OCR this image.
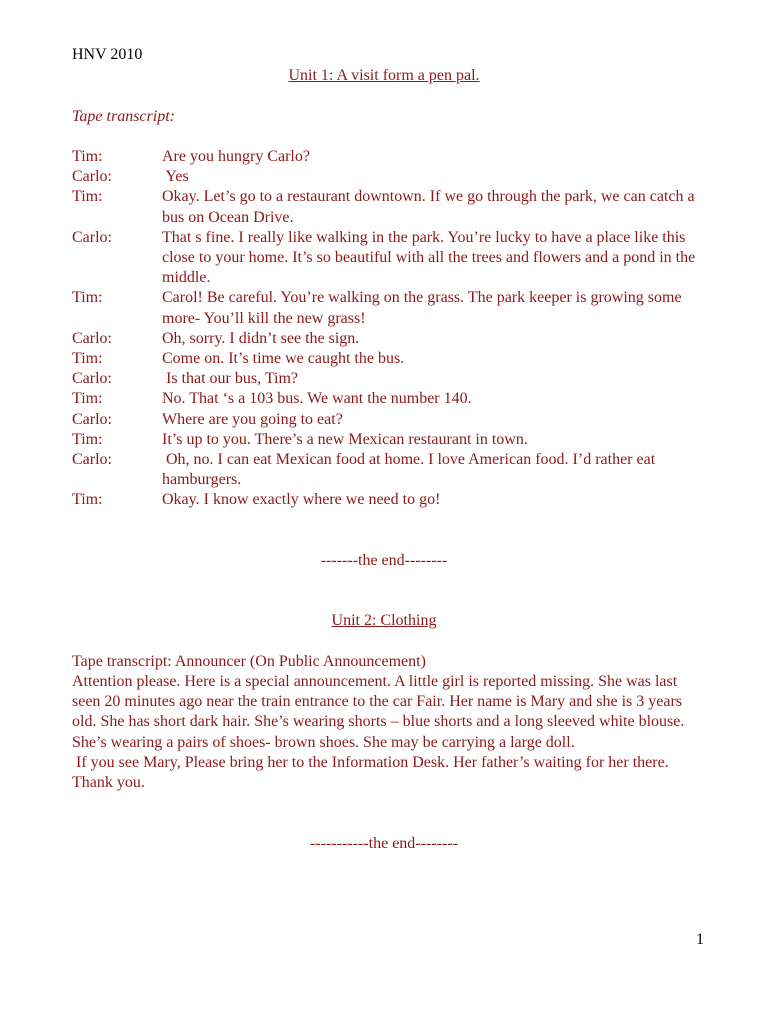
HNV 2010
Unit 1: A visit form a pen pal.
Tape transcript:
Tim:	Are you hungry Carlo?
Carlo:	Yes
Tim:	Okay. Let’s go to a restaurant downtown. If we go through the park, we can catch a bus on Ocean Drive.
Carlo:	That s fine. I really like walking in the park. You’re lucky to have a place like this close to your home. It’s so beautiful with all the trees and flowers and a pond in the middle.
Tim:	Carol! Be careful. You’re walking on the grass. The park keeper is growing some more- You’ll kill the new grass!
Carlo:	Oh, sorry. I didn’t see the sign.
Tim:	Come on. It’s time we caught the bus.
Carlo:	Is that our bus, Tim?
Tim:	No. That ‘s a 103 bus. We want the number 140.
Carlo:	Where are you going to eat?
Tim:	It’s up to you. There’s a new Mexican restaurant in town.
Carlo:	Oh, no. I can eat Mexican food at home. I love American food. I’d rather eat hamburgers.
Tim:	Okay. I know exactly where we need to go!
-------the end--------
Unit 2: Clothing
Tape transcript: Announcer (On Public Announcement)

Attention please. Here is a special announcement. A little girl is reported missing. She was last seen 20 minutes ago near the train entrance to the car Fair. Her name is Mary and she is 3 years old. She has short dark hair. She’s wearing shorts – blue shorts and a long sleeved white blouse. She’s wearing a pairs of shoes- brown shoes. She may be carrying a large doll.

If you see Mary, Please bring her to the Information Desk. Her father’s waiting for her there. Thank you.

-----------the end--------
1
